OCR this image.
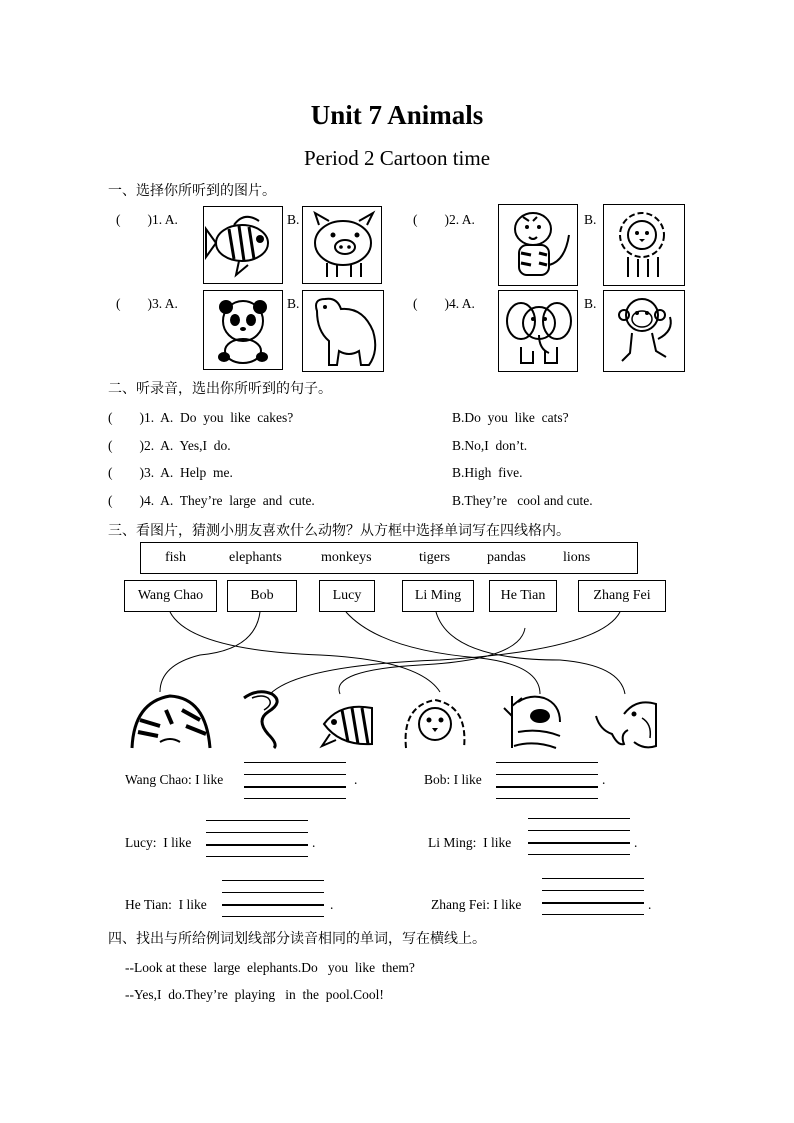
Unit 7 Animals
Period 2 Cartoon time
一、选择你所听到的图片。
(        )1. A.	B.	(        )2. A.	B.
(        )3. A.	B.	(        )4. A.	B.
二、听录音，选出你所听到的句子。
(        )1.  A.  Do  you  like  cakes?	B.Do  you  like  cats?
(        )2.  A.  Yes,I  do.	B.No,I  don’t.
(        )3.  A.  Help  me.	B.High  five.
(        )4.  A.  They’re  large  and  cute.	B.They’re   cool and cute.
三、看图片，猜测小朋友喜欢什么动物？从方框中选择单词写在四线格内。
fish	elephants	monkeys	tigers	pandas	lions
Wang Chao	Bob	Lucy	Li Ming	He Tian	Zhang Fei
Wang Chao: I like	.	Bob: I like	.
Lucy:  I like	.	Li Ming:  I like	.
He Tian:  I like	.	Zhang Fei: I like	.
四、找出与所给例词划线部分读音相同的单词，写在横线上。
--Look at these  large  elephants.Do   you  like  them?
--Yes,I  do.They’re  playing   in  the  pool.Cool!
